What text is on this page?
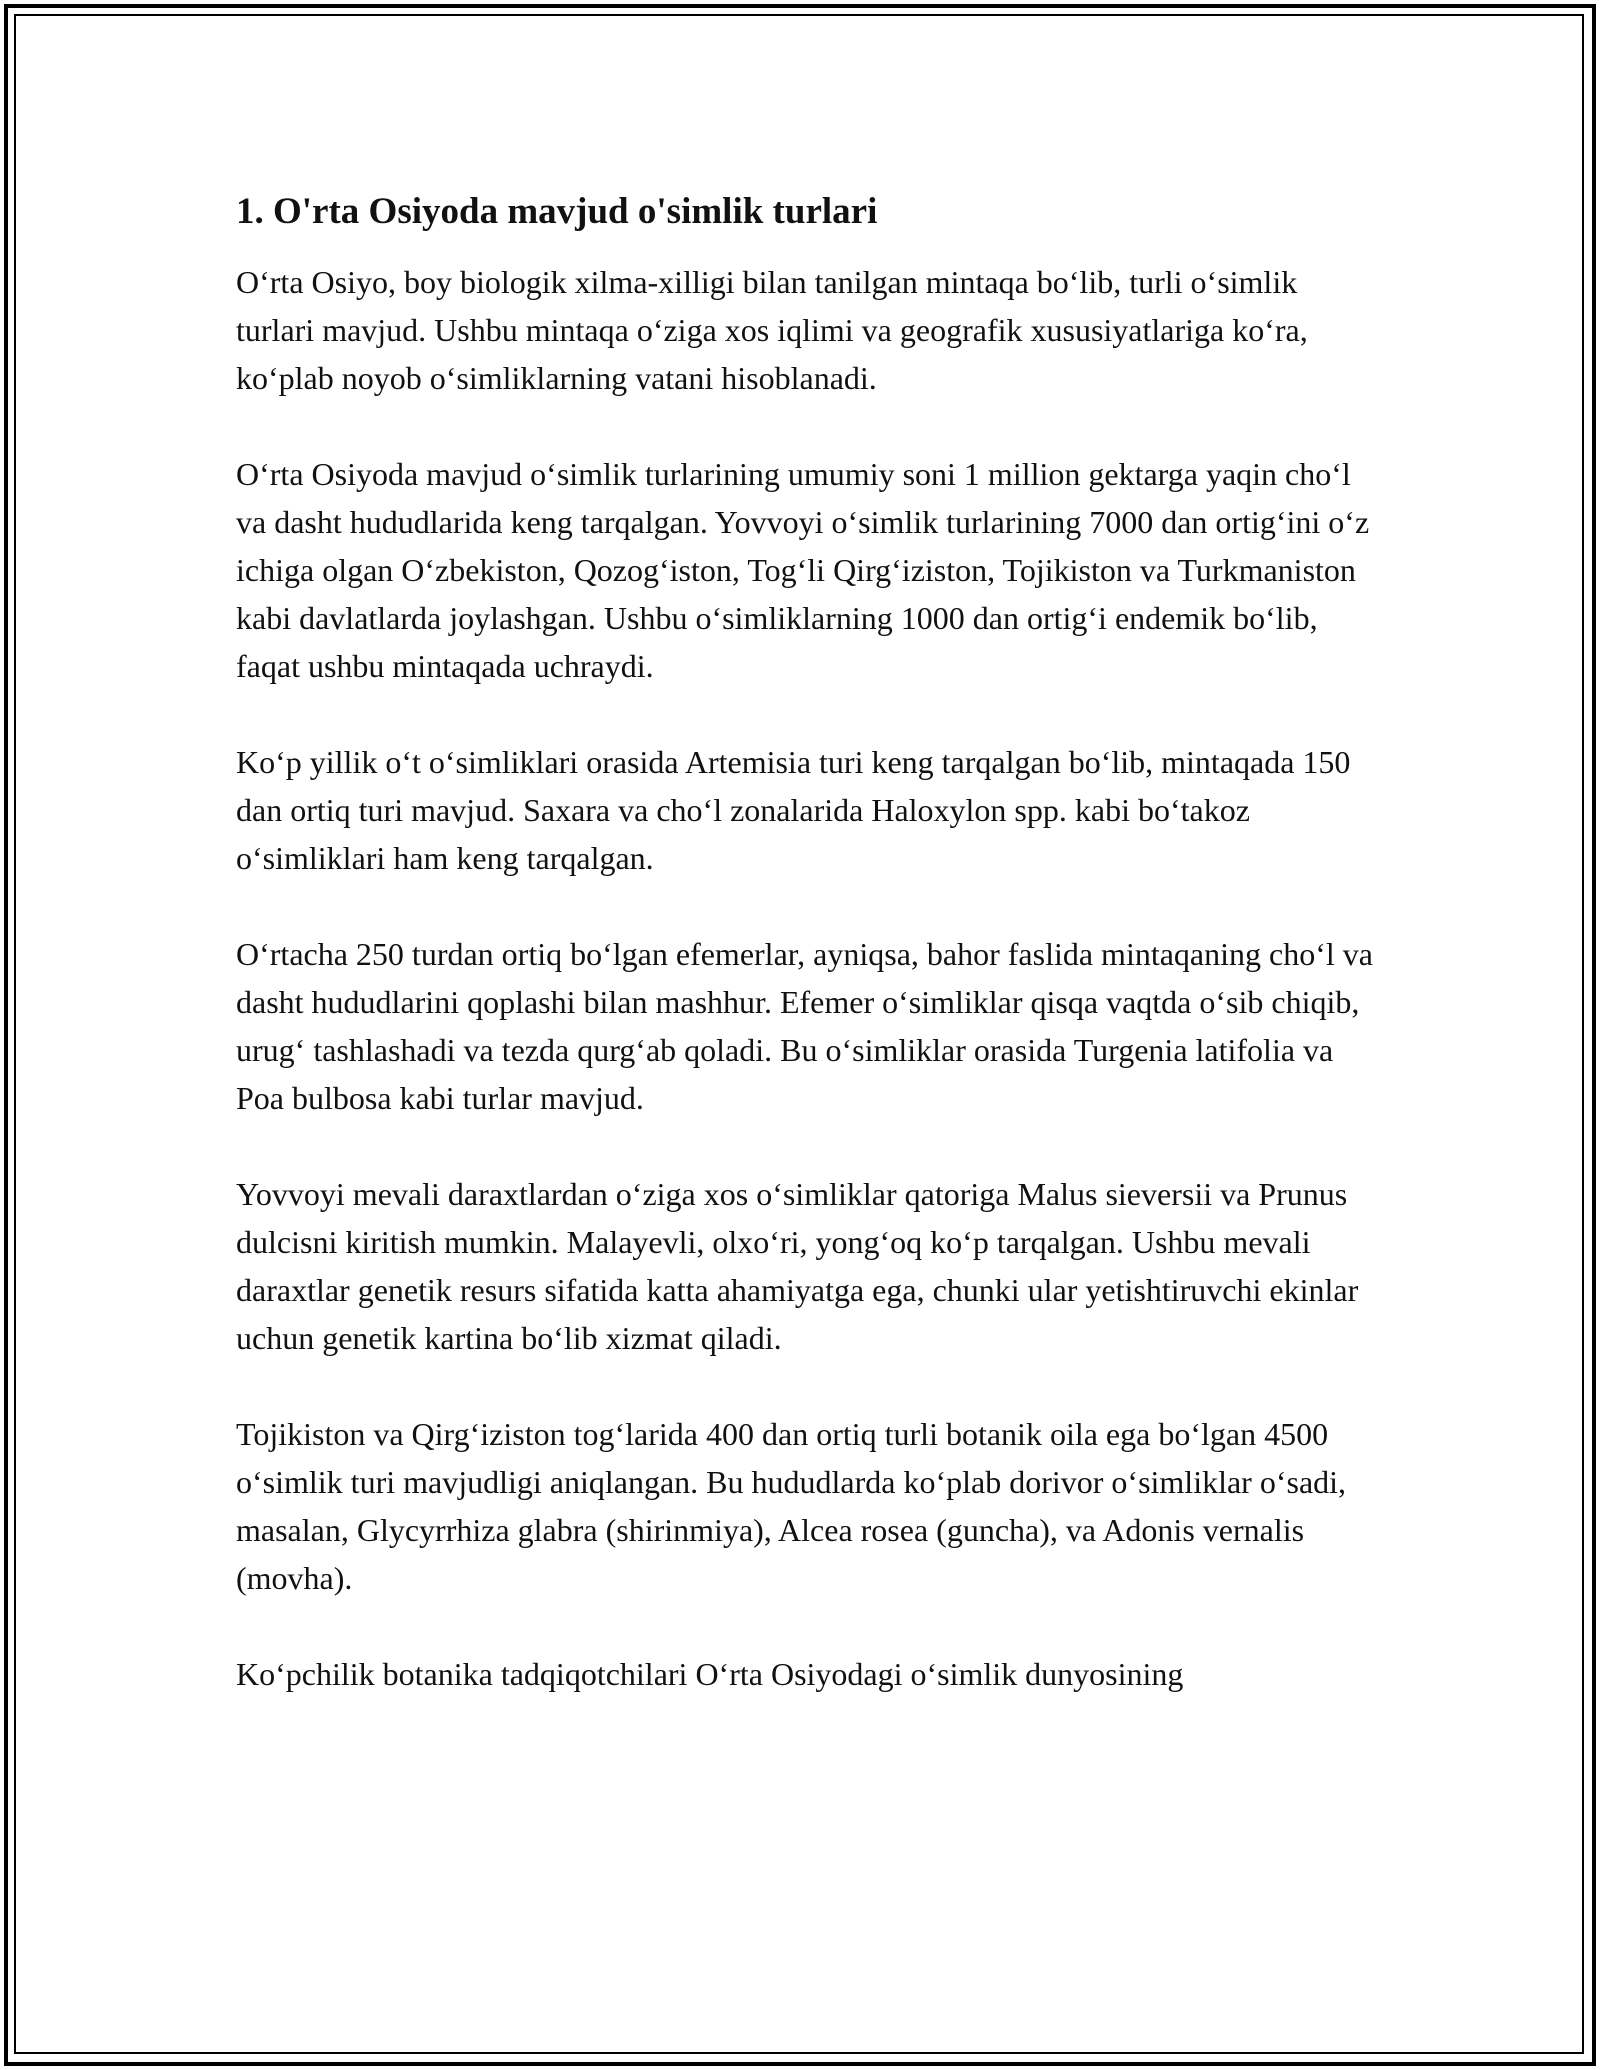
1. O'rta Osiyoda mavjud o'simlik turlari

O‘rta Osiyo, boy biologik xilma-xilligi bilan tanilgan mintaqa bo‘lib, turli o‘simlik turlari mavjud. Ushbu mintaqa o‘ziga xos iqlimi va geografik xususiyatlariga ko‘ra, ko‘plab noyob o‘simliklarning vatani hisoblanadi.

O‘rta Osiyoda mavjud o‘simlik turlarining umumiy soni 1 million gektarga yaqin cho‘l va dasht hududlarida keng tarqalgan. Yovvoyi o‘simlik turlarining 7000 dan ortig‘ini o‘z ichiga olgan O‘zbekiston, Qozog‘iston, Tog‘li Qirg‘iziston, Tojikiston va Turkmaniston kabi davlatlarda joylashgan. Ushbu o‘simliklarning 1000 dan ortig‘i endemik bo‘lib, faqat ushbu mintaqada uchraydi.

Ko‘p yillik o‘t o‘simliklari orasida Artemisia turi keng tarqalgan bo‘lib, mintaqada 150 dan ortiq turi mavjud. Saxara va cho‘l zonalarida Haloxylon spp. kabi bo‘takoz o‘simliklari ham keng tarqalgan.

O‘rtacha 250 turdan ortiq bo‘lgan efemerlar, ayniqsa, bahor faslida mintaqaning cho‘l va dasht hududlarini qoplashi bilan mashhur. Efemer o‘simliklar qisqa vaqtda o‘sib chiqib, urug‘ tashlashadi va tezda qurg‘ab qoladi. Bu o‘simliklar orasida Turgenia latifolia va Poa bulbosa kabi turlar mavjud.

Yovvoyi mevali daraxtlardan o‘ziga xos o‘simliklar qatoriga Malus sieversii va Prunus dulcisni kiritish mumkin. Malayevli, olxo‘ri, yong‘oq ko‘p tarqalgan. Ushbu mevali daraxtlar genetik resurs sifatida katta ahamiyatga ega, chunki ular yetishtiruvchi ekinlar uchun genetik kartina bo‘lib xizmat qiladi.

Tojikiston va Qirg‘iziston tog‘larida 400 dan ortiq turli botanik oila ega bo‘lgan 4500 o‘simlik turi mavjudligi aniqlangan. Bu hududlarda ko‘plab dorivor o‘simliklar o‘sadi, masalan, Glycyrrhiza glabra (shirinmiya), Alcea rosea (guncha), va Adonis vernalis (movha).

Ko‘pchilik botanika tadqiqotchilari O‘rta Osiyodagi o‘simlik dunyosining
